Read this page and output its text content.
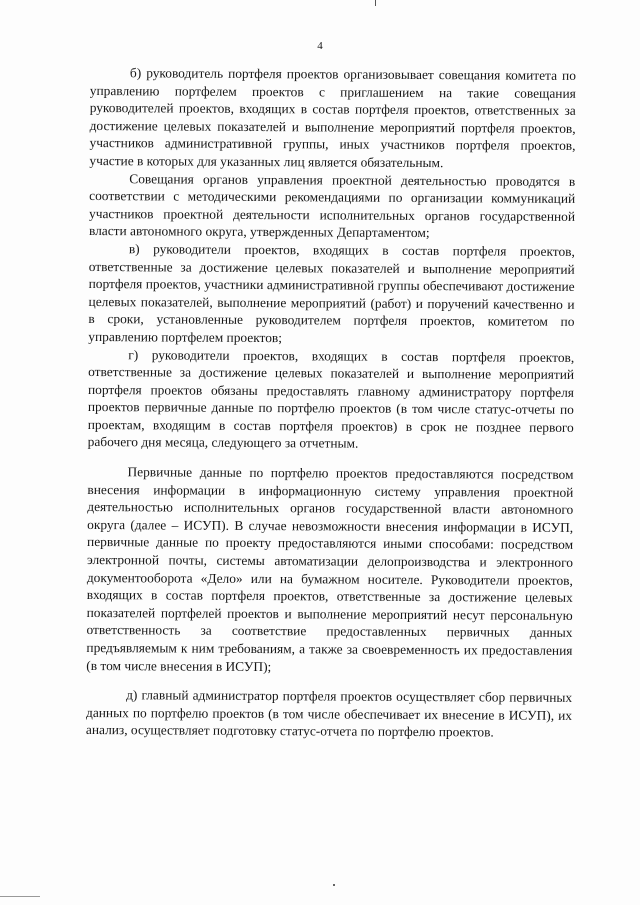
4

б) руководитель портфеля проектов организовывает совещания комитета по управлению портфелем проектов с приглашением на такие совещания руководителей проектов, входящих в состав портфеля проектов, ответственных за достижение целевых показателей и выполнение мероприятий портфеля проектов, участников административной группы, иных участников портфеля проектов, участие в которых для указанных лиц является обязательным.

Совещания органов управления проектной деятельностью проводятся в соответствии с методическими рекомендациями по организации коммуникаций участников проектной деятельности исполнительных органов государственной власти автономного округа, утвержденных Департаментом;

в) руководители проектов, входящих в состав портфеля проектов, ответственные за достижение целевых показателей и выполнение мероприятий портфеля проектов, участники административной группы обеспечивают достижение целевых показателей, выполнение мероприятий (работ) и поручений качественно и в сроки, установленные руководителем портфеля проектов, комитетом по управлению портфелем проектов;

г) руководители проектов, входящих в состав портфеля проектов, ответственные за достижение целевых показателей и выполнение мероприятий портфеля проектов обязаны предоставлять главному администратору портфеля проектов первичные данные по портфелю проектов (в том числе статус-отчеты по проектам, входящим в состав портфеля проектов) в срок не позднее первого рабочего дня месяца, следующего за отчетным.

Первичные данные по портфелю проектов предоставляются посредством внесения информации в информационную систему управления проектной деятельностью исполнительных органов государственной власти автономного округа (далее – ИСУП). В случае невозможности внесения информации в ИСУП, первичные данные по проекту предоставляются иными способами: посредством электронной почты, системы автоматизации делопроизводства и электронного документооборота «Дело» или на бумажном носителе. Руководители проектов, входящих в состав портфеля проектов, ответственные за достижение целевых показателей портфелей проектов и выполнение мероприятий несут персональную ответственность за соответствие предоставленных первичных данных предъявляемым к ним требованиям, а также за своевременность их предоставления (в том числе внесения в ИСУП);

д) главный администратор портфеля проектов осуществляет сбор первичных данных по портфелю проектов (в том числе обеспечивает их внесение в ИСУП), их анализ, осуществляет подготовку статус-отчета по портфелю проектов.
